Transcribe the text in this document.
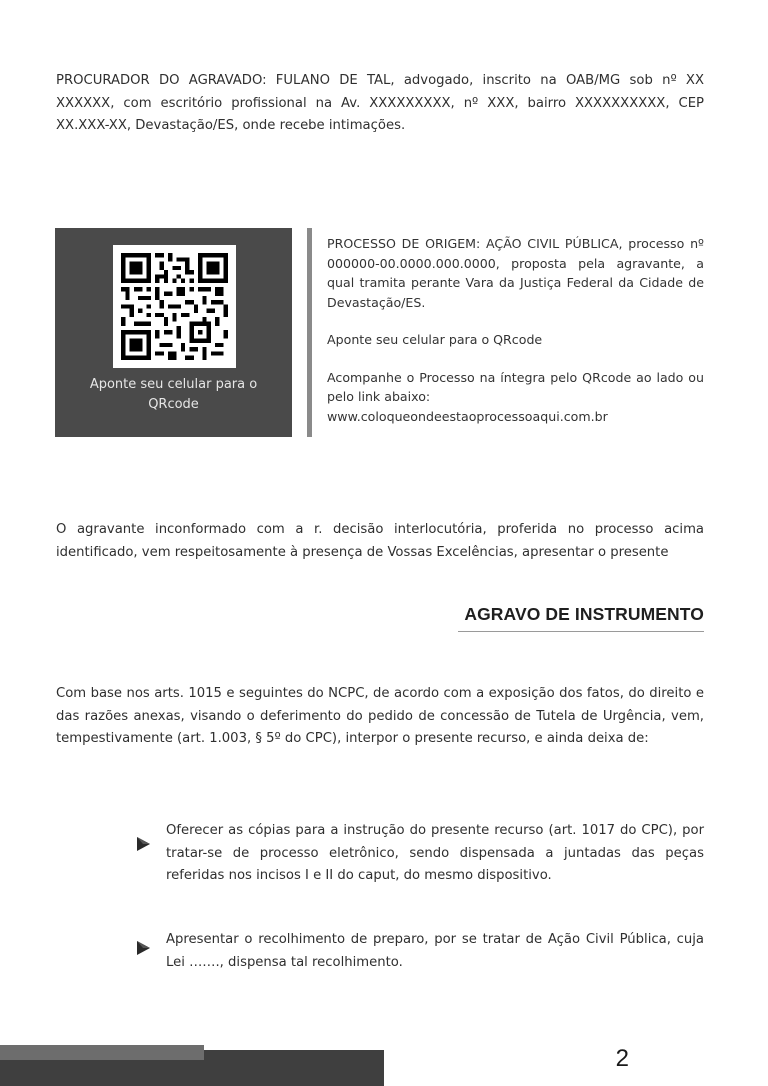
PROCURADOR DO AGRAVADO: FULANO DE TAL, advogado, inscrito na OAB/MG sob nº XX XXXXXX, com escritório profissional na Av. XXXXXXXXX, nº XXX, bairro XXXXXXXXXX, CEP XX.XXX-XX, Devastação/ES, onde recebe intimações.

Aponte seu celular para o QRcode

PROCESSO DE ORIGEM: AÇÃO CIVIL PÚBLICA, processo nº 000000-00.0000.000.0000, proposta pela agravante, a qual tramita perante Vara da Justiça Federal da Cidade de Devastação/ES.

Aponte seu celular para o QRcode

Acompanhe o Processo na íntegra pelo QRcode ao lado ou pelo link abaixo:
www.coloqueondeestaoprocessoaqui.com.br

O agravante inconformado com a r. decisão interlocutória, proferida no processo acima identificado, vem respeitosamente à presença de Vossas Excelências, apresentar o presente

AGRAVO DE INSTRUMENTO

Com base nos arts. 1015 e seguintes do NCPC, de acordo com a exposição dos fatos, do direito e das razões anexas, visando o deferimento do pedido de concessão de Tutela de Urgência, vem, tempestivamente (art. 1.003, § 5º do CPC), interpor o presente recurso, e ainda deixa de:

Oferecer as cópias para a instrução do presente recurso (art. 1017 do CPC), por tratar-se de processo eletrônico, sendo dispensada a juntadas das peças referidas nos incisos I e II do caput, do mesmo dispositivo.

Apresentar o recolhimento de preparo, por se tratar de Ação Civil Pública, cuja Lei ……., dispensa tal recolhimento.

2
